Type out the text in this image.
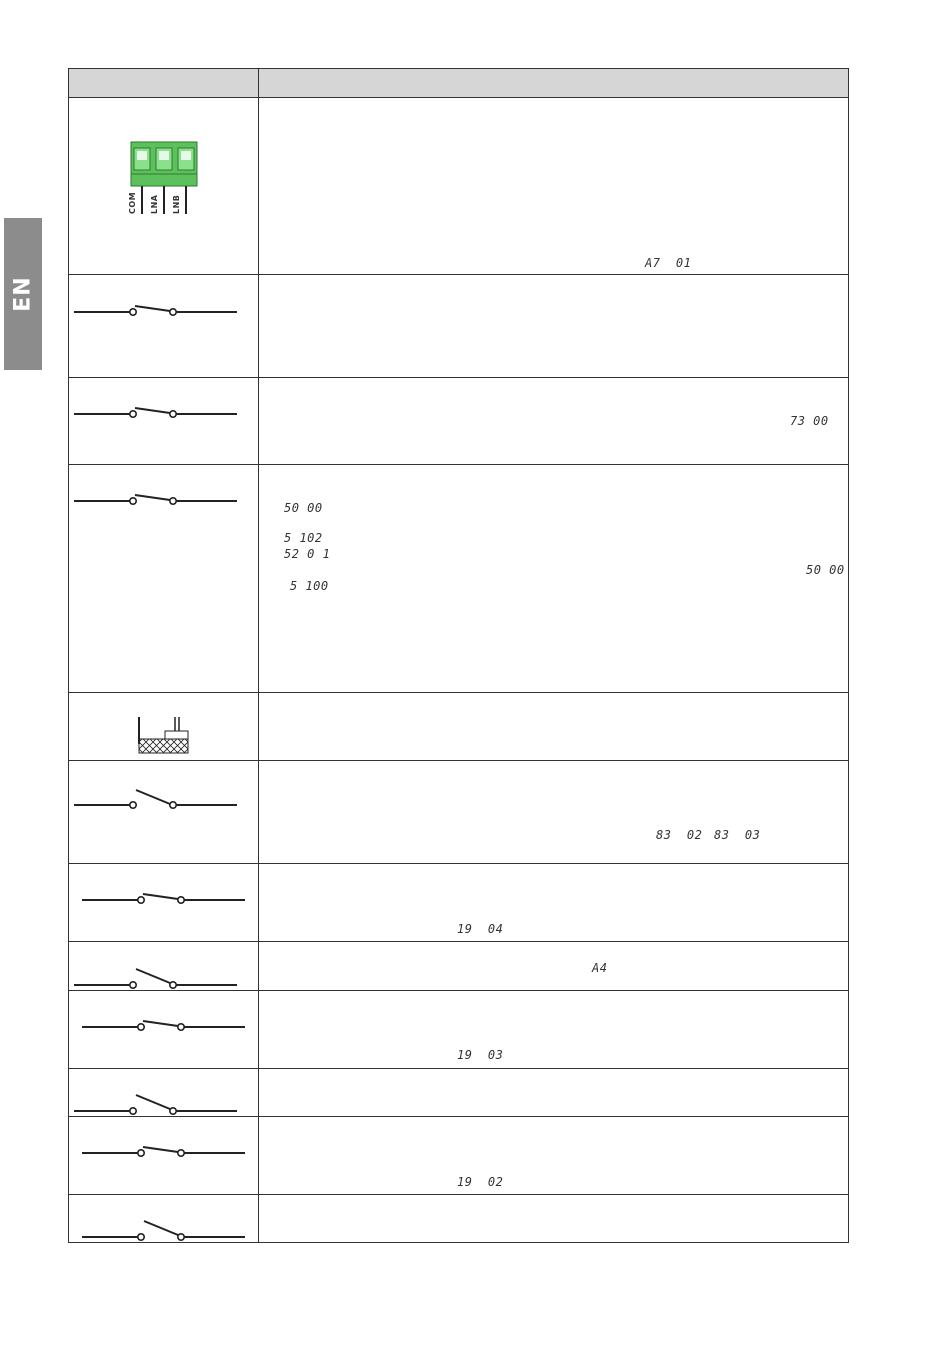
EN
COM	LNA	LNB
A7  01
73 00
50 00
5 102
52 0 1
50 00
5 100
83  02 83  03
19  04
A4
19  03
19  02
